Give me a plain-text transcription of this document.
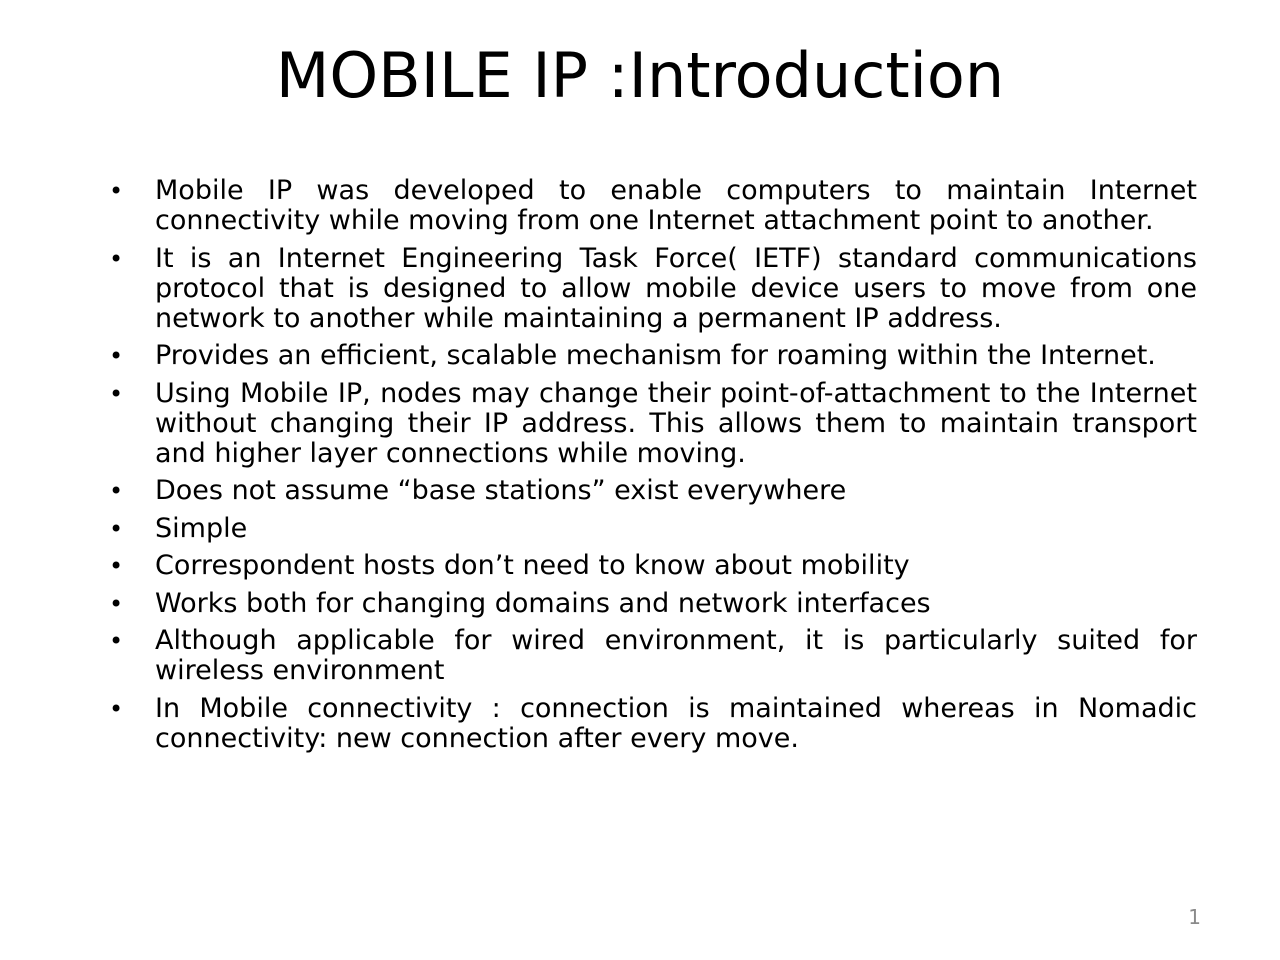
MOBILE IP :Introduction
• Mobile IP was developed to enable computers to maintain Internet connectivity while moving from one Internet attachment point to another.
• It is an Internet Engineering Task Force( IETF) standard communications protocol that is designed to allow mobile device users to move from one network to another while maintaining a permanent IP address.
• Provides an efficient, scalable mechanism for roaming within the Internet.
• Using Mobile IP, nodes may change their point-of-attachment to the Internet without changing their IP address. This allows them to maintain transport and higher layer connections while moving.
• Does not assume “base stations” exist everywhere
• Simple
• Correspondent hosts don’t need to know about mobility
• Works both for changing domains and network interfaces
• Although applicable for wired environment, it is particularly suited for wireless environment
• In Mobile connectivity : connection is maintained whereas in Nomadic connectivity: new connection after every move.
1
